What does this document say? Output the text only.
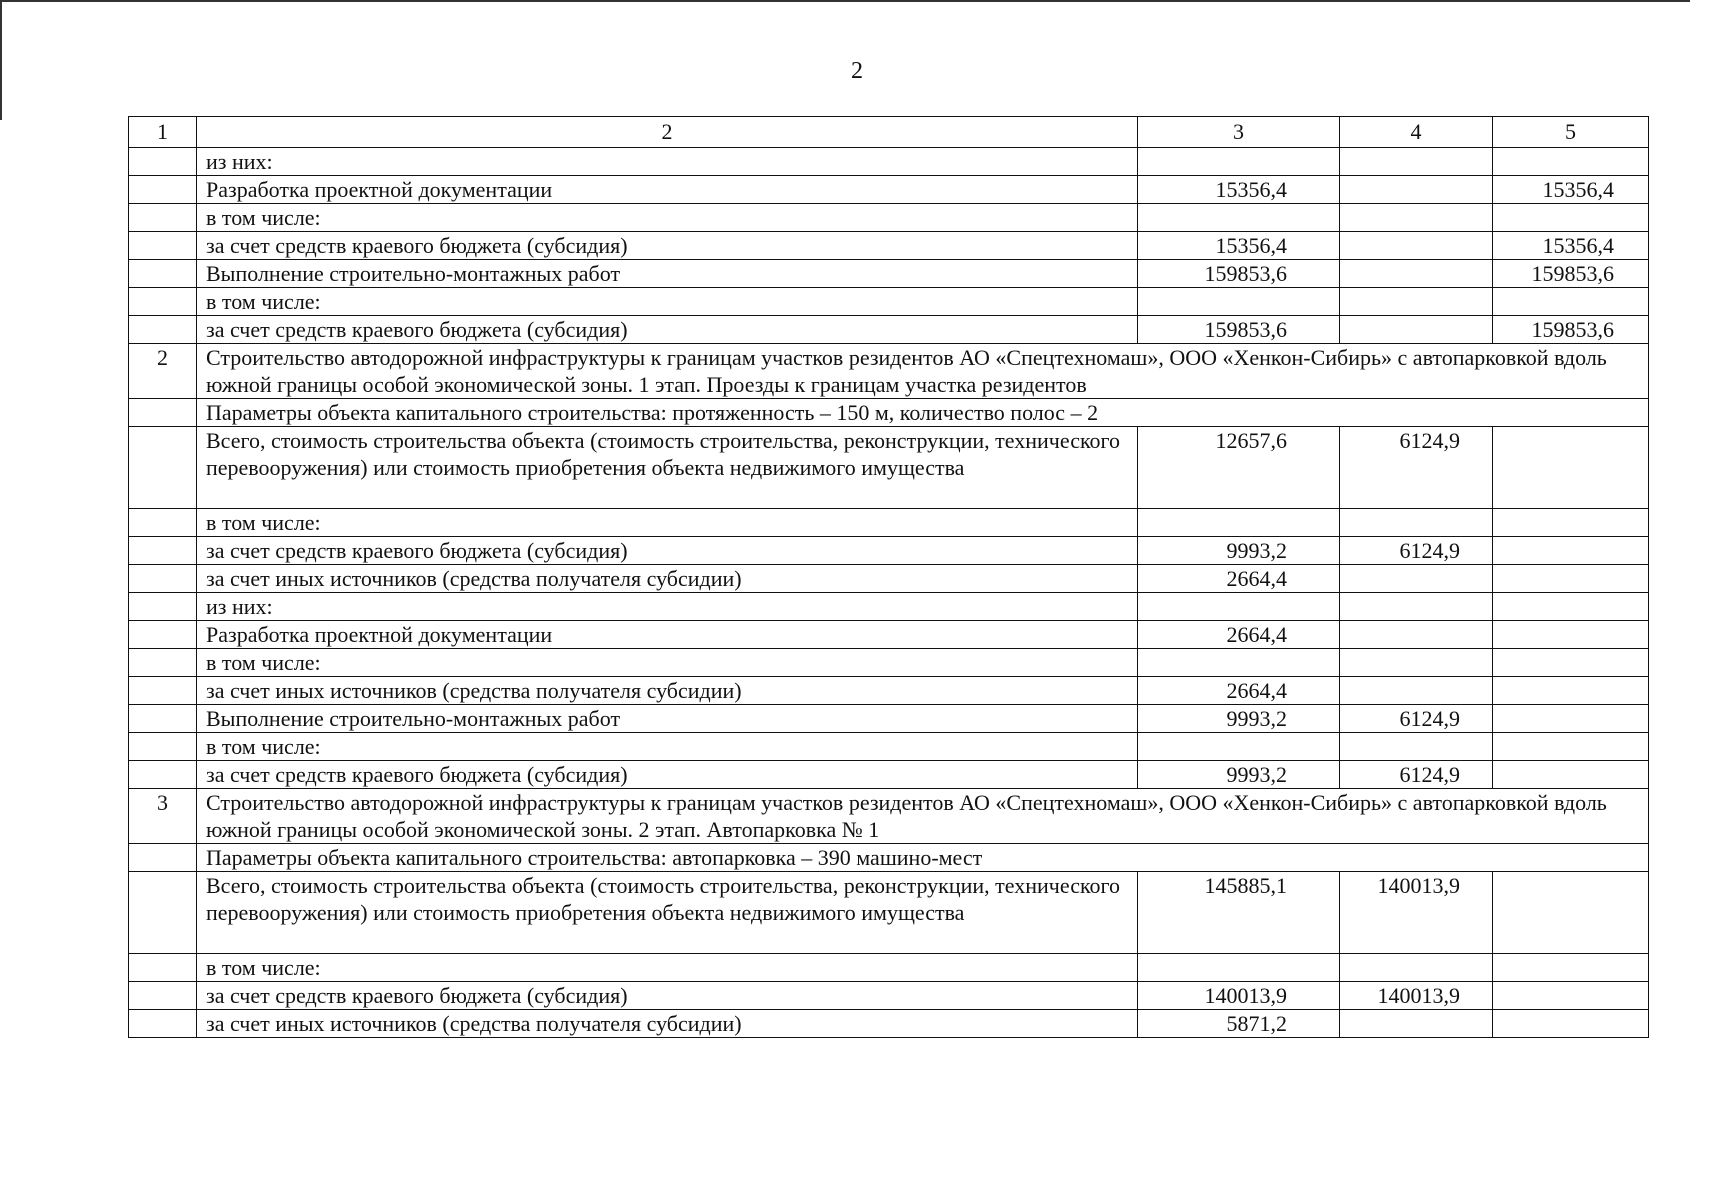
2
1	2	3	4	5
	из них:			
	Разработка проектной документации	15356,4		15356,4
	в том числе:			
	за счет средств краевого бюджета (субсидия)	15356,4		15356,4
	Выполнение строительно-монтажных работ	159853,6		159853,6
	в том числе:			
	за счет средств краевого бюджета (субсидия)	159853,6		159853,6
2	Строительство автодорожной инфраструктуры к границам участков резидентов АО «Спецтехномаш», ООО «Хенкон-Сибирь» с автопарковкой вдоль южной границы особой экономической зоны. 1 этап. Проезды к границам участка резидентов			
	Параметры объекта капитального строительства: протяженность – 150 м, количество полос – 2			
	Всего, стоимость строительства объекта (стоимость строительства, реконструкции, технического перевооружения) или стоимость приобретения объекта недвижимого имущества	12657,6	6124,9	
	в том числе:			
	за счет средств краевого бюджета (субсидия)	9993,2	6124,9	
	за счет иных источников (средства получателя субсидии)	2664,4		
	из них:			
	Разработка проектной документации	2664,4		
	в том числе:			
	за счет иных источников (средства получателя субсидии)	2664,4		
	Выполнение строительно-монтажных работ	9993,2	6124,9	
	в том числе:			
	за счет средств краевого бюджета (субсидия)	9993,2	6124,9	
3	Строительство автодорожной инфраструктуры к границам участков резидентов АО «Спецтехномаш», ООО «Хенкон-Сибирь» с автопарковкой вдоль южной границы особой экономической зоны. 2 этап. Автопарковка № 1			
	Параметры объекта капитального строительства: автопарковка – 390 машино-мест			
	Всего, стоимость строительства объекта (стоимость строительства, реконструкции, технического перевооружения) или стоимость приобретения объекта недвижимого имущества	145885,1	140013,9	
	в том числе:			
	за счет средств краевого бюджета (субсидия)	140013,9	140013,9	
	за счет иных источников (средства получателя субсидии)	5871,2		
